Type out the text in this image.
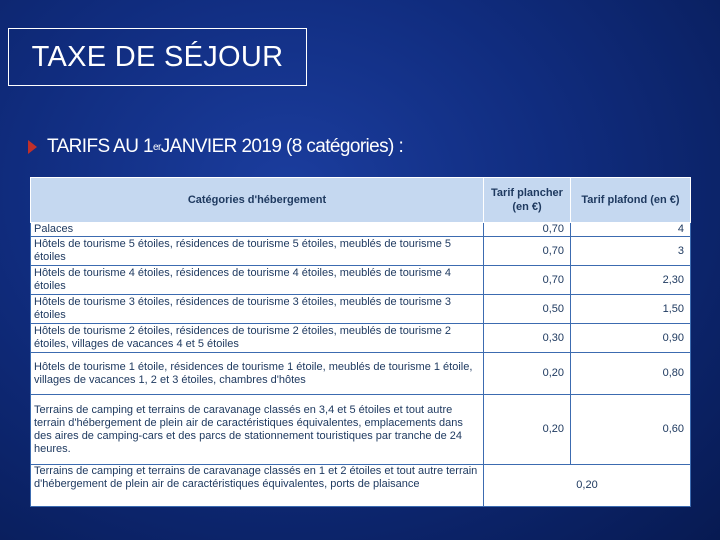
TAXE DE SÉJOUR
TARIFS AU 1 er JANVIER 2019 (8 catégories) :
Catégories d'hébergement	Tarif plancher (en €)	Tarif plafond (en €)
Palaces	0,70	4
Hôtels de tourisme 5 étoiles, résidences de tourisme 5 étoiles, meublés de tourisme 5 étoiles	0,70	3
Hôtels de tourisme 4 étoiles, résidences de tourisme 4 étoiles, meublés de tourisme 4 étoiles	0,70	2,30
Hôtels de tourisme 3 étoiles, résidences de tourisme 3 étoiles, meublés de tourisme 3 étoiles	0,50	1,50
Hôtels de tourisme 2 étoiles, résidences de tourisme 2 étoiles, meublés de tourisme 2 étoiles, villages de vacances 4 et 5 étoiles	0,30	0,90
Hôtels de tourisme 1 étoile, résidences de tourisme 1 étoile, meublés de tourisme 1 étoile, villages de vacances 1, 2 et 3 étoiles, chambres d'hôtes	0,20	0,80
Terrains de camping et terrains de caravanage classés en 3,4 et 5 étoiles et tout autre terrain d'hébergement de plein air de caractéristiques équivalentes, emplacements dans des aires de camping-cars et des parcs de stationnement touristiques par tranche de 24 heures.	0,20	0,60
Terrains de camping et terrains de caravanage classés en 1 et 2 étoiles et tout autre terrain d'hébergement de plein air de caractéristiques équivalentes, ports de plaisance	0,20	
